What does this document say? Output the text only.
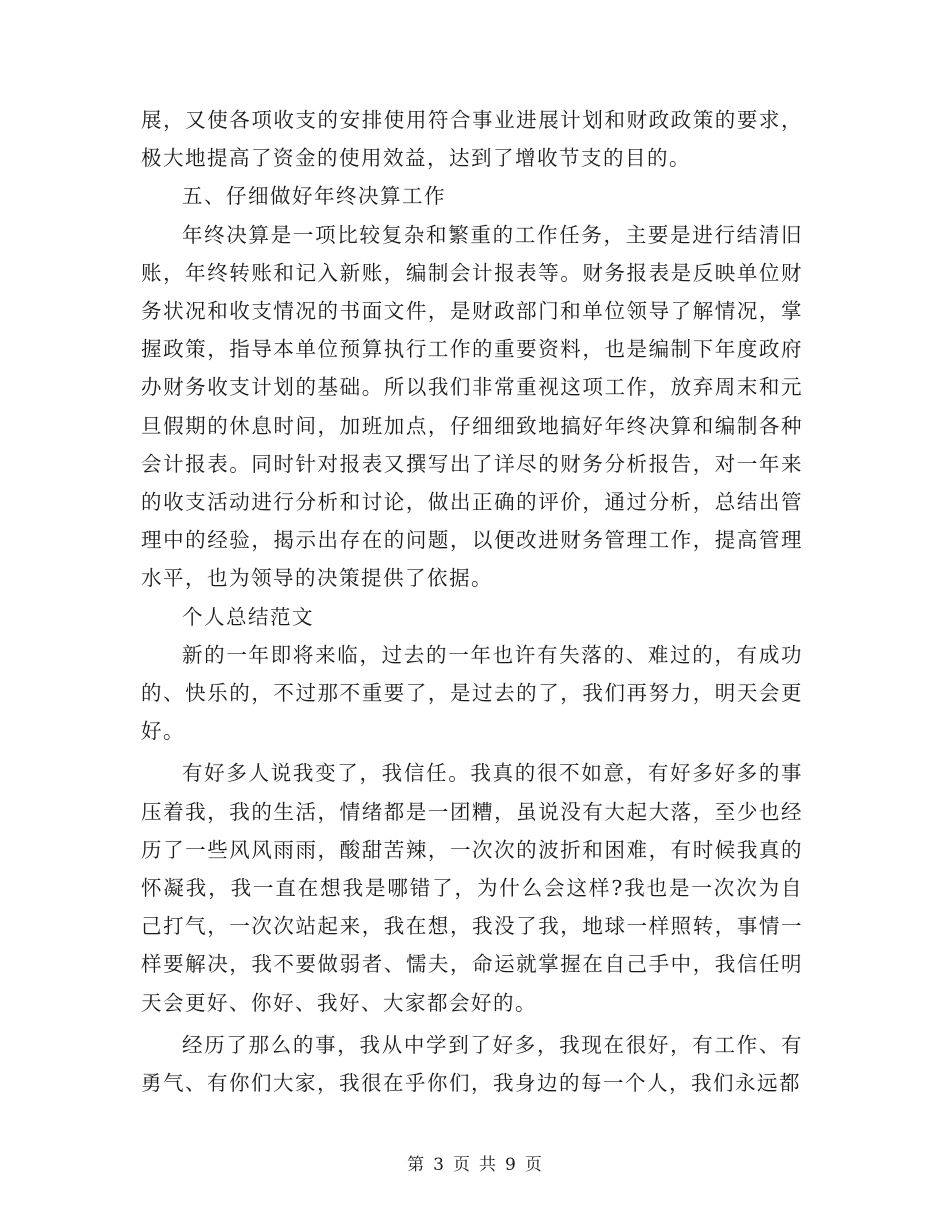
展，又使各项收支的安排使用符合事业进展计划和财政政策的要求，极大地提高了资金的使用效益，达到了增收节支的目的。

五、仔细做好年终决算工作

年终决算是一项比较复杂和繁重的工作任务，主要是进行结清旧账，年终转账和记入新账，编制会计报表等。财务报表是反映单位财务状况和收支情况的书面文件，是财政部门和单位领导了解情况，掌握政策，指导本单位预算执行工作的重要资料，也是编制下年度政府办财务收支计划的基础。所以我们非常重视这项工作，放弃周末和元旦假期的休息时间，加班加点，仔细细致地搞好年终决算和编制各种会计报表。同时针对报表又撰写出了详尽的财务分析报告，对一年来的收支活动进行分析和讨论，做出正确的评价，通过分析，总结出管理中的经验，揭示出存在的问题，以便改进财务管理工作，提高管理水平，也为领导的决策提供了依据。

个人总结范文

新的一年即将来临，过去的一年也许有失落的、难过的，有成功的、快乐的，不过那不重要了，是过去的了，我们再努力，明天会更好。

有好多人说我变了，我信任。我真的很不如意，有好多好多的事压着我，我的生活，情绪都是一团糟，虽说没有大起大落，至少也经历了一些风风雨雨，酸甜苦辣，一次次的波折和困难，有时候我真的怀凝我，我一直在想我是哪错了，为什么会这样?我也是一次次为自己打气，一次次站起来，我在想，我没了我，地球一样照转，事情一样要解决，我不要做弱者、懦夫，命运就掌握在自己手中，我信任明天会更好、你好、我好、大家都会好的。

经历了那么的事，我从中学到了好多，我现在很好，有工作、有勇气、有你们大家，我很在乎你们，我身边的每一个人，我们永远都

第 3 页 共 9 页
